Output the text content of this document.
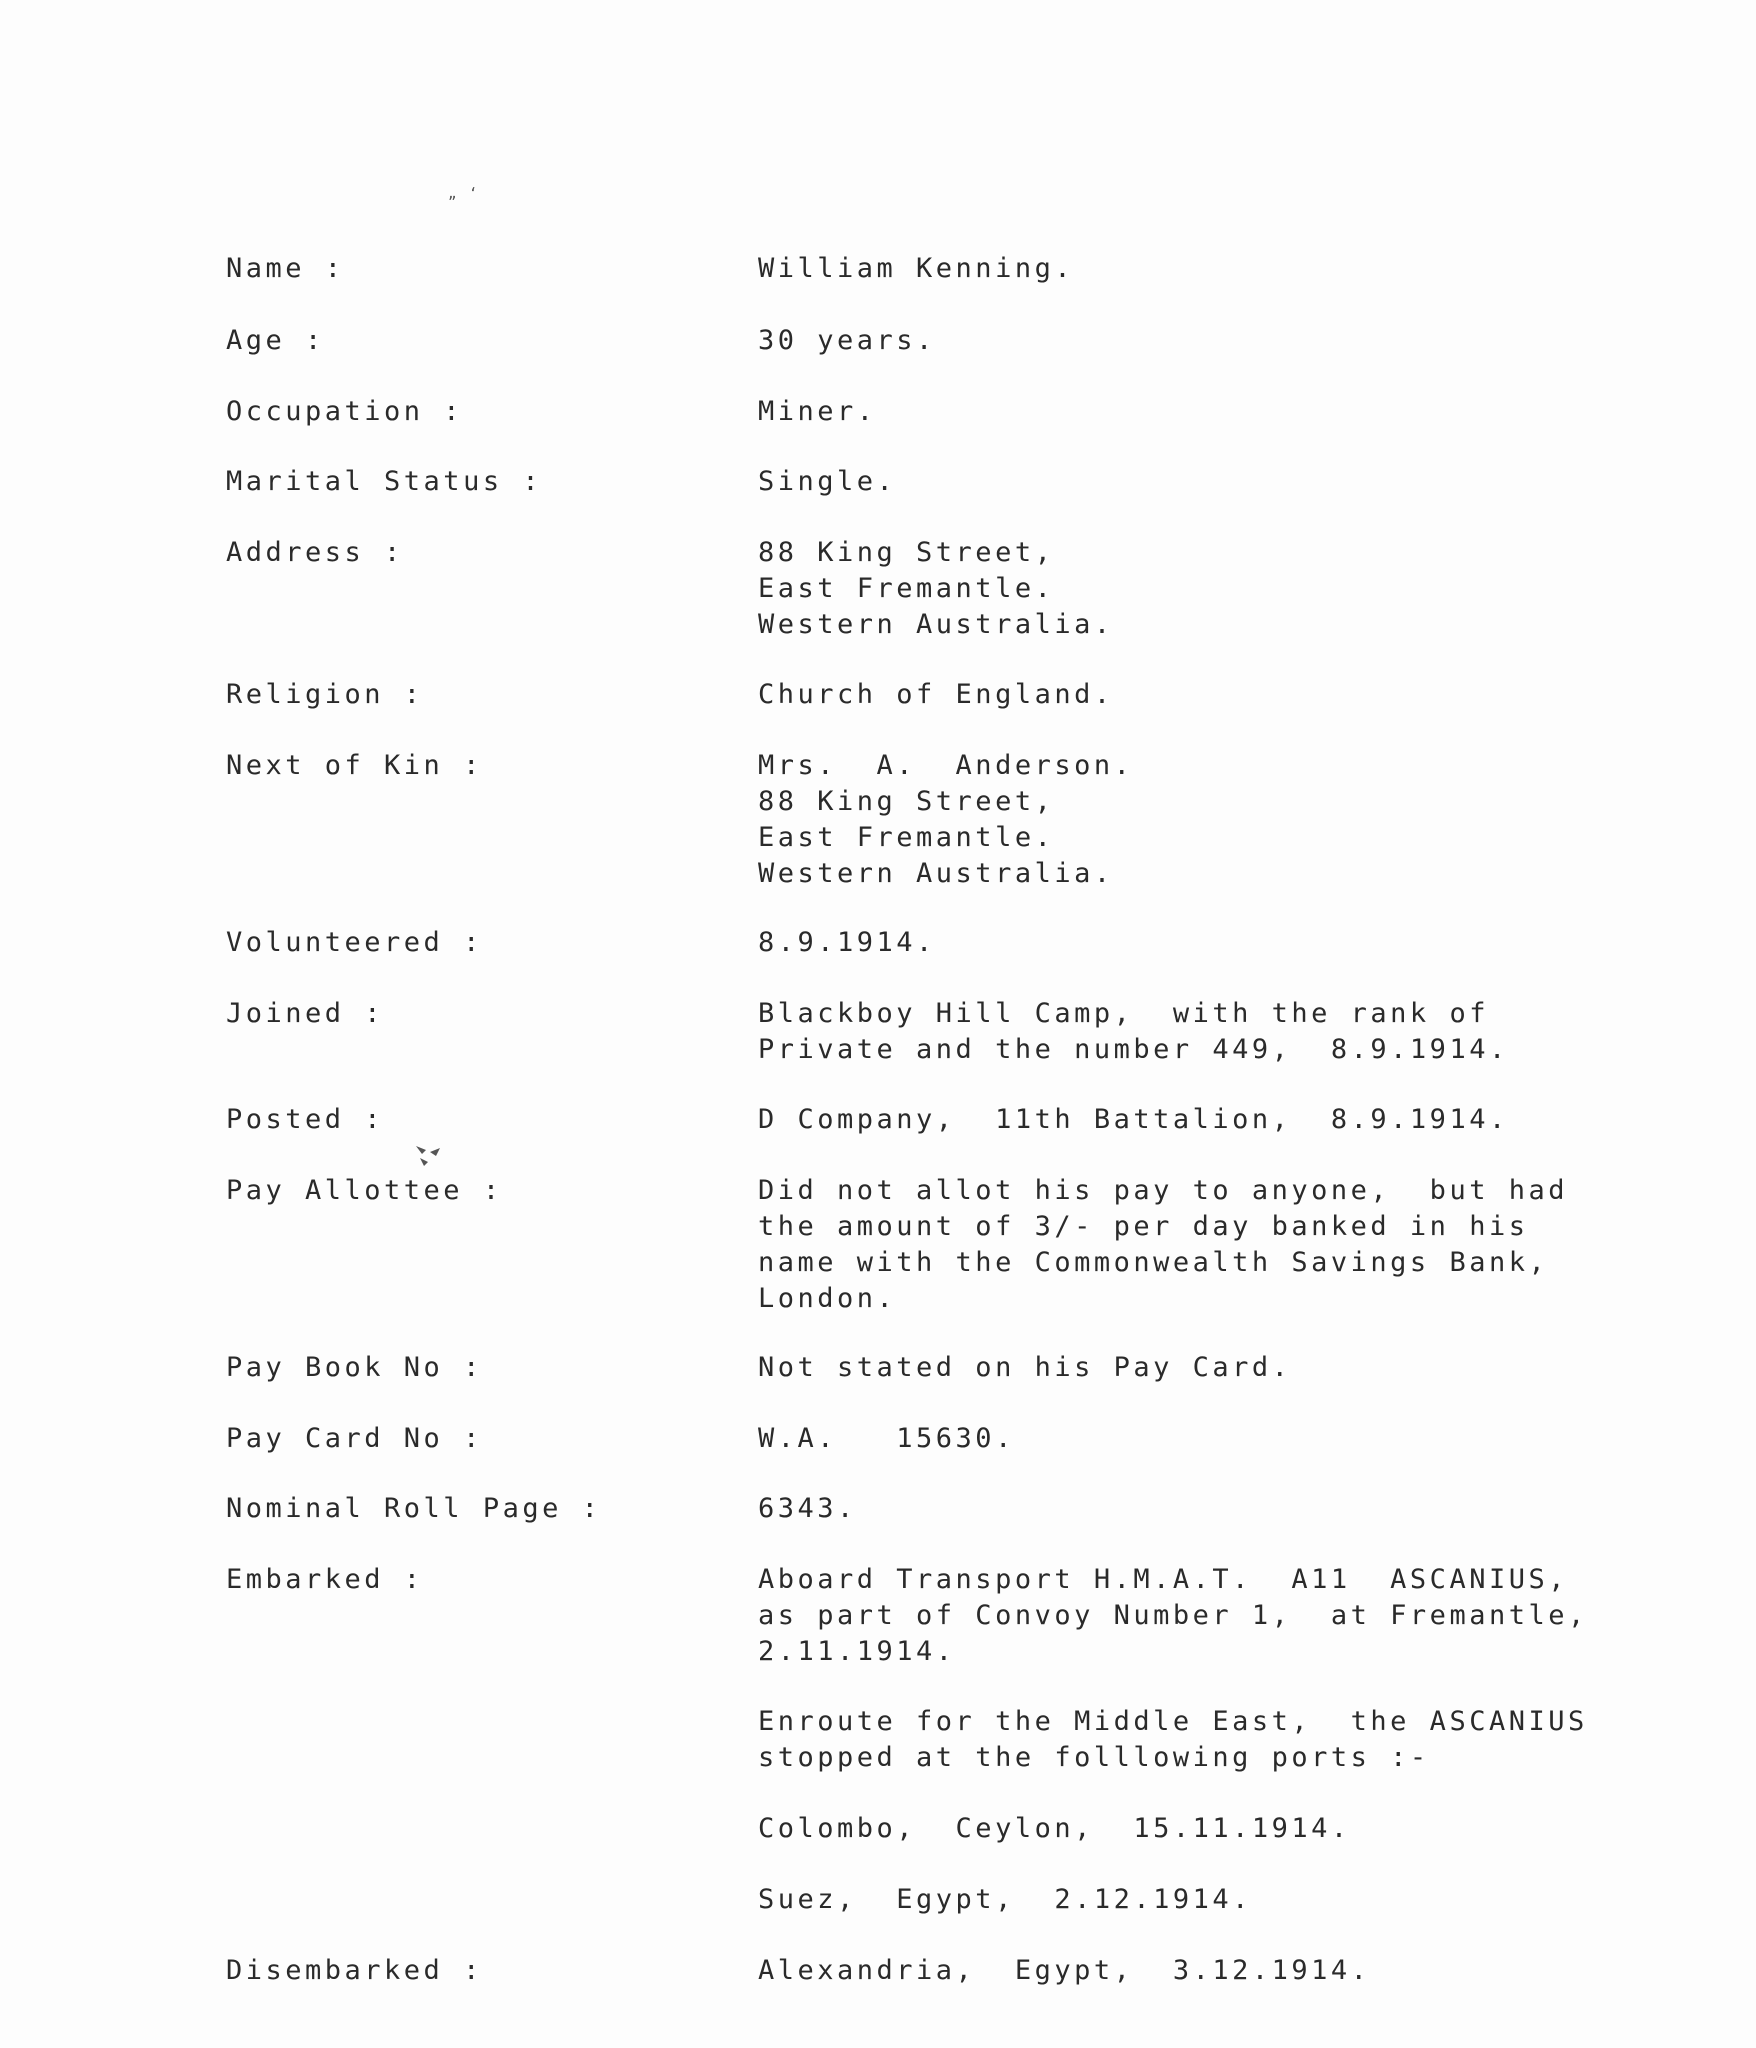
„ ‘
Name :	William Kenning.
Age :	30 years.
Occupation :	Miner.
Marital Status :	Single.
Address :	88 King Street,
East Fremantle.
Western Australia.
Religion :	Church of England.
Next of Kin :	Mrs.  A.  Anderson.
88 King Street,
East Fremantle.
Western Australia.
Volunteered :	8.9.1914.
Joined :	Blackboy Hill Camp,  with the rank of
Private and the number 449,  8.9.1914.
Posted :	D Company,  11th Battalion,  8.9.1914.
Pay Allottee :	Did not allot his pay to anyone,  but had
the amount of 3/- per day banked in his
name with the Commonwealth Savings Bank,
London.
Pay Book No :	Not stated on his Pay Card.
Pay Card No :	W.A.   15630.
Nominal Roll Page :	6343.
Embarked :	Aboard Transport H.M.A.T.  A11  ASCANIUS,
as part of Convoy Number 1,  at Fremantle,
2.11.1914.
Enroute for the Middle East,  the ASCANIUS
stopped at the folllowing ports :-
Colombo,  Ceylon,  15.11.1914.
Suez,  Egypt,  2.12.1914.
Disembarked :	Alexandria,  Egypt,  3.12.1914.
